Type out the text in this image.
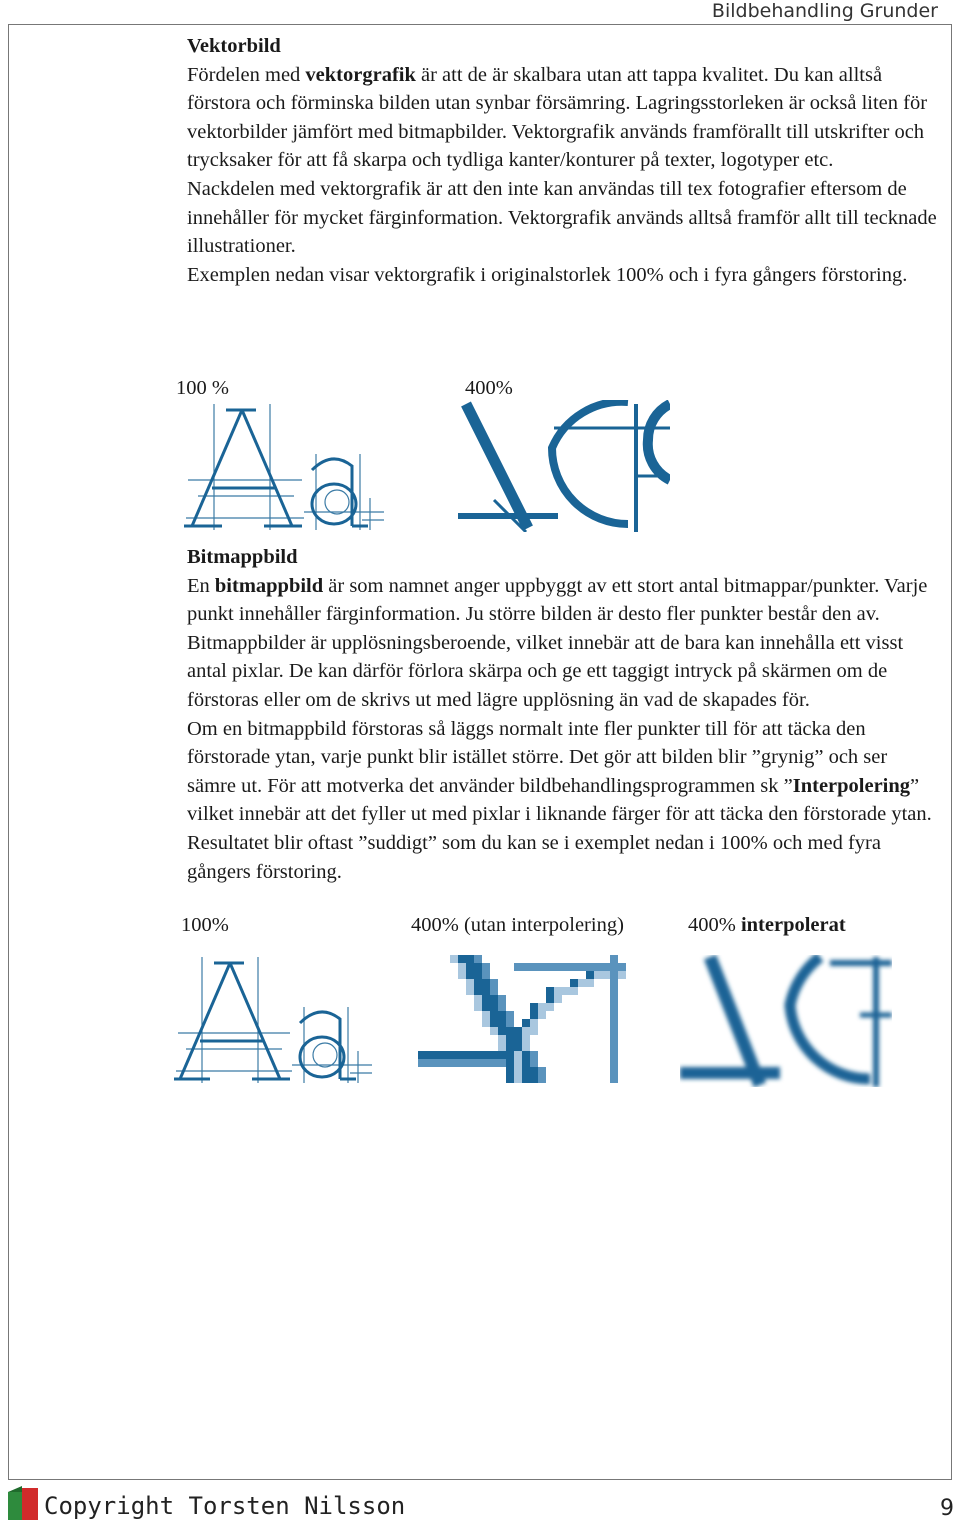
Bildbehandling Grunder
Vektorbild

Fördelen med vektorgrafik är att de är skalbara utan att tappa kvalitet. Du kan alltså förstora och förminska bilden utan synbar försämring. Lagringsstorleken är också liten för vektorbilder jämfört med bitmapbilder. Vektorgrafik används framförallt till utskrifter och trycksaker för att få skarpa och tydliga kanter/konturer på texter, logotyper etc.

Nackdelen med vektorgrafik är att den inte kan användas till tex fotografier eftersom de innehåller för mycket färginformation. Vektorgrafik används alltså framför allt till tecknade illustrationer.

Exemplen nedan visar vektorgrafik i originalstorlek 100% och i fyra gångers förstoring.

100 %	400%
Bitmappbild

En bitmappbild är som namnet anger uppbyggt av ett stort antal bitmappar/punkter. Varje punkt innehåller färginformation. Ju större bilden är desto fler punkter består den av. Bitmappbilder är upplösningsberoende, vilket innebär att de bara kan innehålla ett visst antal pixlar. De kan därför förlora skärpa och ge ett taggigt intryck på skärmen om de förstoras eller om de skrivs ut med lägre upplösning än vad de skapades för.

Om en bitmappbild förstoras så läggs normalt inte fler punkter till för att täcka den förstorade ytan, varje punkt blir istället större. Det gör att bilden blir ”grynig” och ser sämre ut. För att motverka det använder bildbehandlingsprogrammen sk ”Interpolering” vilket innebär att det fyller ut med pixlar i liknande färger för att täcka den förstorade ytan. Resultatet blir oftast ”suddigt” som du kan se i exemplet nedan i 100% och med fyra gångers förstoring.

100%	400% (utan interpolering)	400% interpolerat
Copyright Torsten Nilsson	9
